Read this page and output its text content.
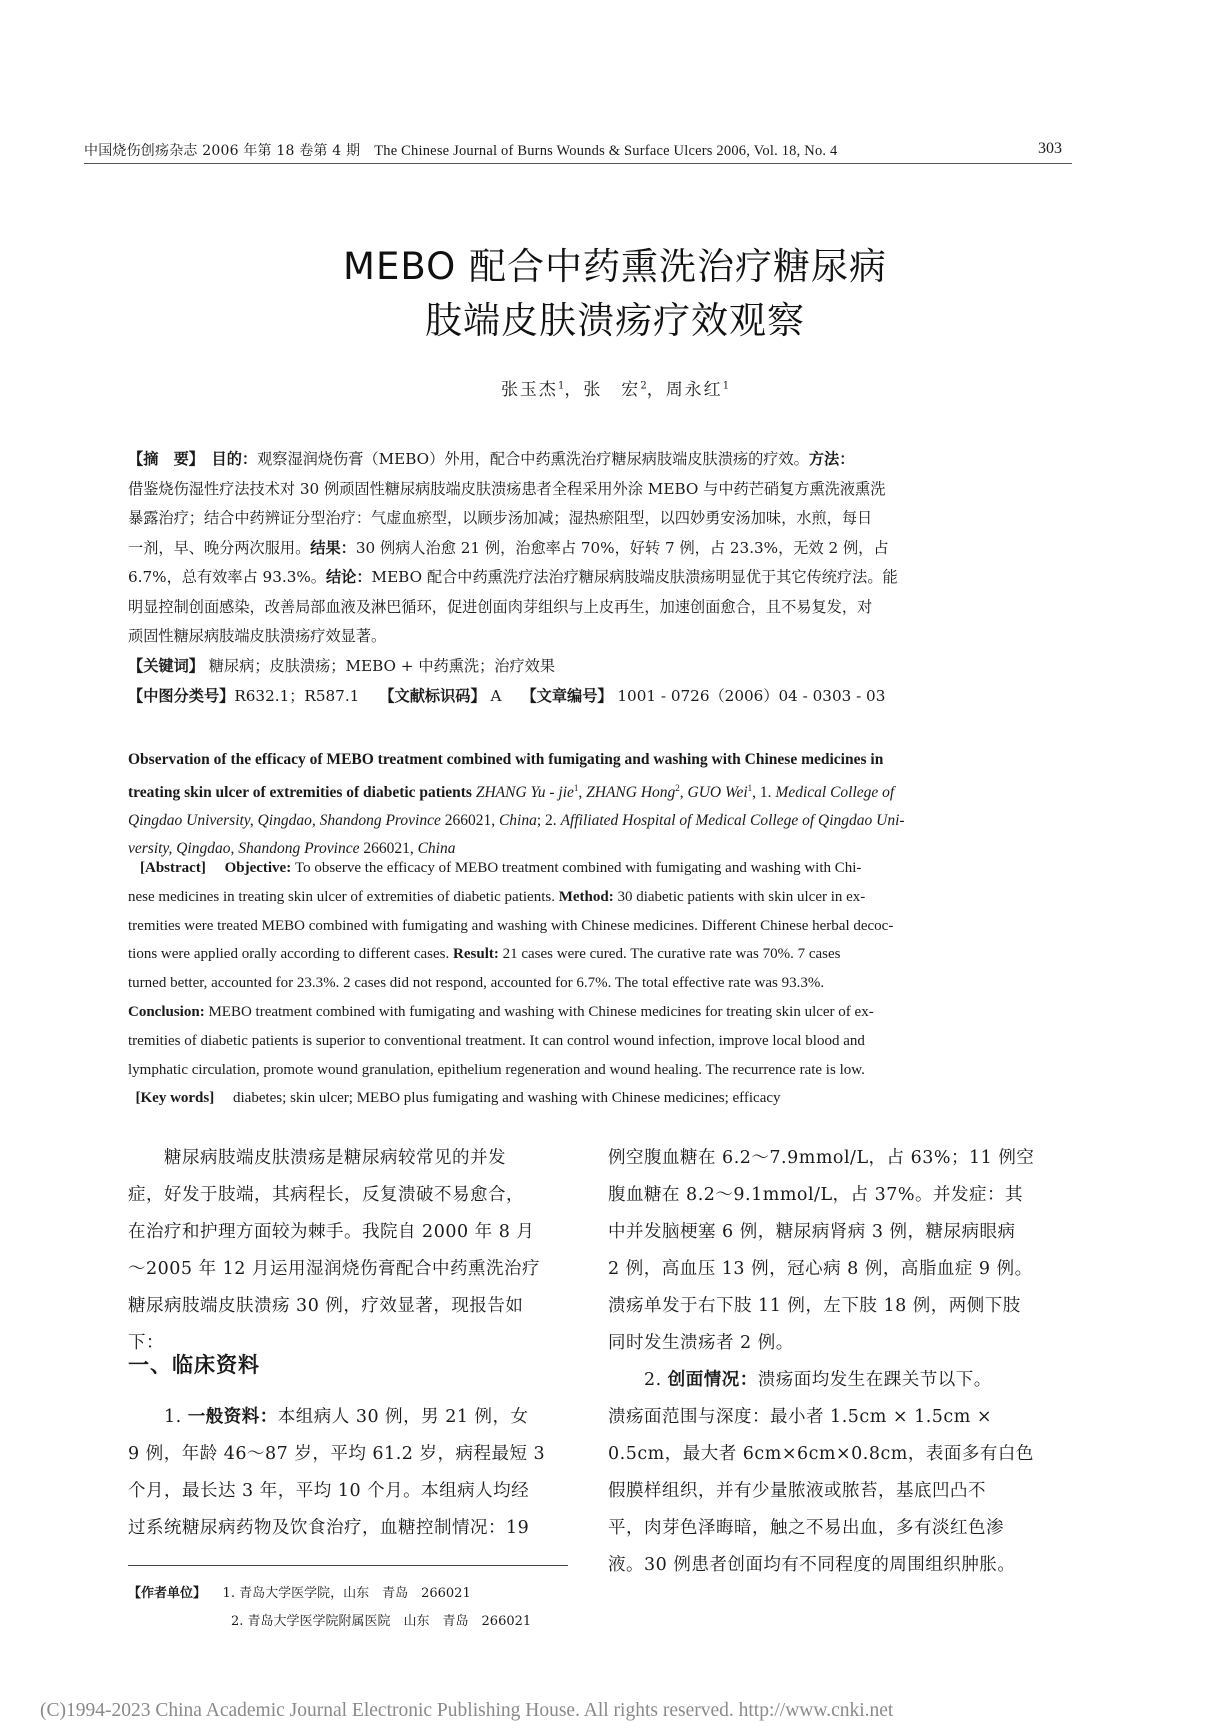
中国烧伤创疡杂志 2006 年第 18 卷第 4 期 The Chinese Journal of Burns Wounds & Surface Ulcers 2006, Vol. 18, No. 4	303
MEBO 配合中药熏洗治疗糖尿病
肢端皮肤溃疡疗效观察
张玉杰$^1$，张　宏$^2$，周永红$^1$
【摘　要】　 目的：观察湿润烧伤膏（MEBO）外用，配合中药熏洗治疗糖尿病肢端皮肤溃疡的疗效。方法：
借鉴烧伤湿性疗法技术对 30 例顽固性糖尿病肢端皮肤溃疡患者全程采用外涂 MEBO 与中药芒硝复方熏洗液熏洗
暴露治疗；结合中药辨证分型治疗：气虚血瘀型，以顾步汤加减；湿热瘀阻型，以四妙勇安汤加味，水煎，每日
一剂，早、晚分两次服用。结果：30 例病人治愈 21 例，治愈率占 70%，好转 7 例，占 23.3%，无效 2 例，占
6.7%，总有效率占 93.3%。结论：MEBO 配合中药熏洗疗法治疗糖尿病肢端皮肤溃疡明显优于其它传统疗法。能
明显控制创面感染，改善局部血液及淋巴循环，促进创面肉芽组织与上皮再生，加速创面愈合，且不易复发，对
顽固性糖尿病肢端皮肤溃疡疗效显著。
【关键词】 糖尿病；皮肤溃疡；MEBO + 中药熏洗；治疗效果
【中图分类号】R632.1；R587.1 【文献标识码】 A 【文章编号】 1001 - 0726（2006）04 - 0303 - 03
Observation of the efficacy of MEBO treatment combined with fumigating and washing with Chinese medicines in
treating skin ulcer of extremities of diabetic patients ZHANG Yu - jie$^1$, ZHANG Hong$^2$, GUO Wei$^1$, 1. Medical College of
Qingdao University, Qingdao, Shandong Province 266021, China; 2. Affiliated Hospital of Medical College of Qingdao Uni-
versity, Qingdao, Shandong Province 266021, China
[Abstract]　 Objective: To observe the efficacy of MEBO treatment combined with fumigating and washing with Chi-
nese medicines in treating skin ulcer of extremities of diabetic patients. Method: 30 diabetic patients with skin ulcer in ex-
tremities were treated MEBO combined with fumigating and washing with Chinese medicines. Different Chinese herbal decoc-
tions were applied orally according to different cases. Result: 21 cases were cured. The curative rate was 70%. 7 cases
turned better, accounted for 23.3%. 2 cases did not respond, accounted for 6.7%. The total effective rate was 93.3%.
Conclusion: MEBO treatment combined with fumigating and washing with Chinese medicines for treating skin ulcer of ex-
tremities of diabetic patients is superior to conventional treatment. It can control wound infection, improve local blood and
lymphatic circulation, promote wound granulation, epithelium regeneration and wound healing. The recurrence rate is low.
[Key words] diabetes; skin ulcer; MEBO plus fumigating and washing with Chinese medicines; efficacy
　　糖尿病肢端皮肤溃疡是糖尿病较常见的并发
症，好发于肢端，其病程长，反复溃破不易愈合，
在治疗和护理方面较为棘手。我院自 2000 年 8 月
～2005 年 12 月运用湿润烧伤膏配合中药熏洗治疗
糖尿病肢端皮肤溃疡 30 例，疗效显著，现报告如
下：
一、临床资料
　　1. 一般资料：本组病人 30 例，男 21 例，女
9 例，年龄 46～87 岁，平均 61.2 岁，病程最短 3
个月，最长达 3 年，平均 10 个月。本组病人均经
过系统糖尿病药物及饮食治疗，血糖控制情况：19
例空腹血糖在 6.2～7.9mmol/L，占 63%；11 例空
腹血糖在 8.2～9.1mmol/L，占 37%。并发症：其
中并发脑梗塞 6 例，糖尿病肾病 3 例，糖尿病眼病
2 例，高血压 13 例，冠心病 8 例，高脂血症 9 例。
溃疡单发于右下肢 11 例，左下肢 18 例，两侧下肢
同时发生溃疡者 2 例。
　　2. 创面情况：溃疡面均发生在踝关节以下。
溃疡面范围与深度：最小者 1.5cm × 1.5cm ×
0.5cm，最大者 6cm×6cm×0.8cm，表面多有白色
假膜样组织，并有少量脓液或脓苔，基底凹凸不
平，肉芽色泽晦暗，触之不易出血，多有淡红色渗
液。30 例患者创面均有不同程度的周围组织肿胀。
【作者单位】 1. 青岛大学医学院，山东　青岛　266021
2. 青岛大学医学院附属医院　山东　青岛　266021
(C)1994-2023 China Academic Journal Electronic Publishing House. All rights reserved. http://www.cnki.net
